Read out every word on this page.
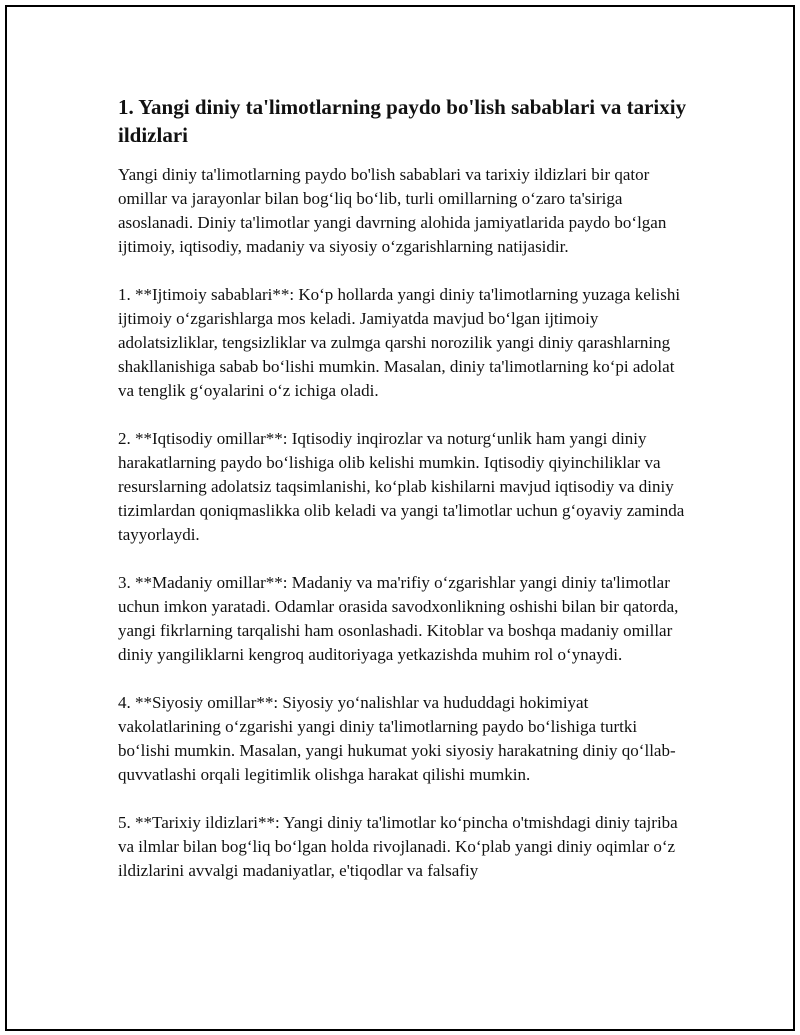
1. Yangi diniy ta'limotlarning paydo bo'lish sabablari va tarixiy ildizlari

Yangi diniy ta'limotlarning paydo bo'lish sabablari va tarixiy ildizlari bir qator omillar va jarayonlar bilan bog‘liq bo‘lib, turli omillarning o‘zaro ta'siriga asoslanadi. Diniy ta'limotlar yangi davrning alohida jamiyatlarida paydo bo‘lgan ijtimoiy, iqtisodiy, madaniy va siyosiy o‘zgarishlarning natijasidir.

1. **Ijtimoiy sabablari**: Ko‘p hollarda yangi diniy ta'limotlarning yuzaga kelishi ijtimoiy o‘zgarishlarga mos keladi. Jamiyatda mavjud bo‘lgan ijtimoiy adolatsizliklar, tengsizliklar va zulmga qarshi norozilik yangi diniy qarashlarning shakllanishiga sabab bo‘lishi mumkin. Masalan, diniy ta'limotlarning ko‘pi adolat va tenglik g‘oyalarini o‘z ichiga oladi.

2. **Iqtisodiy omillar**: Iqtisodiy inqirozlar va noturg‘unlik ham yangi diniy harakatlarning paydo bo‘lishiga olib kelishi mumkin. Iqtisodiy qiyinchiliklar va resurslarning adolatsiz taqsimlanishi, ko‘plab kishilarni mavjud iqtisodiy va diniy tizimlardan qoniqmaslikka olib keladi va yangi ta'limotlar uchun g‘oyaviy zaminda tayyorlaydi.

3. **Madaniy omillar**: Madaniy va ma'rifiy o‘zgarishlar yangi diniy ta'limotlar uchun imkon yaratadi. Odamlar orasida savodxonlikning oshishi bilan bir qatorda, yangi fikrlarning tarqalishi ham osonlashadi. Kitoblar va boshqa madaniy omillar diniy yangiliklarni kengroq auditoriyaga yetkazishda muhim rol o‘ynaydi.

4. **Siyosiy omillar**: Siyosiy yo‘nalishlar va hududdagi hokimiyat vakolatlarining o‘zgarishi yangi diniy ta'limotlarning paydo bo‘lishiga turtki bo‘lishi mumkin. Masalan, yangi hukumat yoki siyosiy harakatning diniy qo‘llab-quvvatlashi orqali legitimlik olishga harakat qilishi mumkin.

5. **Tarixiy ildizlari**: Yangi diniy ta'limotlar ko‘pincha o'tmishdagi diniy tajriba va ilmlar bilan bog‘liq bo‘lgan holda rivojlanadi. Ko‘plab yangi diniy oqimlar o‘z ildizlarini avvalgi madaniyatlar, e'tiqodlar va falsafiy
